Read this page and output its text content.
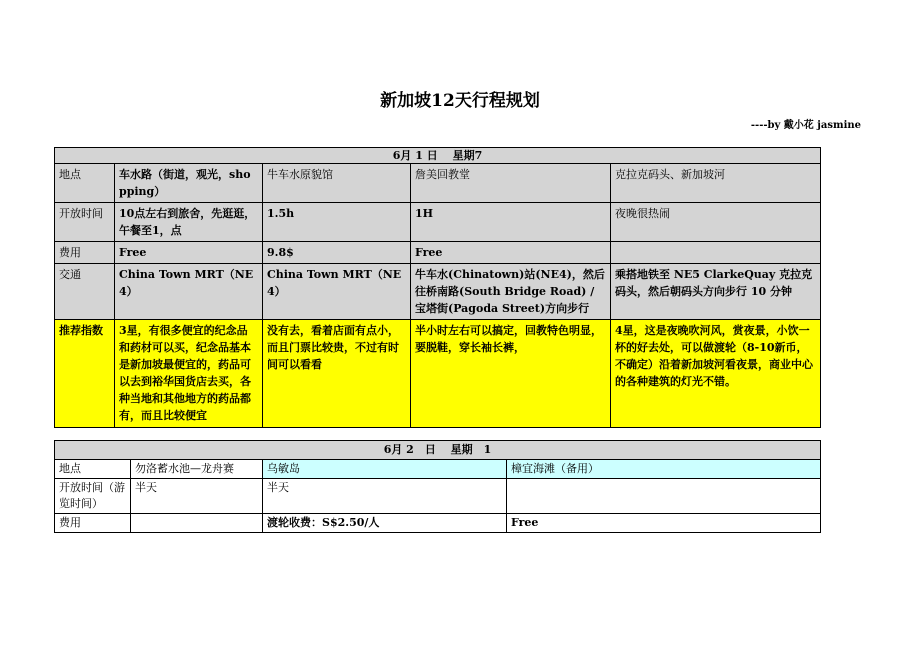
新加坡12天行程规划
----by 戴小花 jasmine
6月 1 日　 星期7				
地点	车水路（街道，观光，shopping）	牛车水原貌馆	詹美回教堂	克拉克码头、新加坡河
开放时间	10点左右到旅舍，先逛逛，午餐至1，点	1.5h	1H	夜晚很热闹
费用	Free	9.8$	Free	
交通	China Town MRT（NE4）	China Town MRT（NE4）	牛车水(Chinatown)站(NE4)，然后往桥南路(South Bridge Road) / 宝塔街(Pagoda Street)方向步行	乘搭地铁至 NE5 ClarkeQuay 克拉克码头，然后朝码头方向步行 10 分钟
推荐指数	3星，有很多便宜的纪念品和药材可以买，纪念品基本是新加坡最便宜的，药品可以去到裕华国货店去买，各种当地和其他地方的药品都有，而且比较便宜	没有去，看着店面有点小，而且门票比较贵，不过有时间可以看看	半小时左右可以搞定，回教特色明显，要脱鞋，穿长袖长裤，	4星，这是夜晚吹河风，赏夜景，小饮一杯的好去处，可以做渡轮（8-10新币，不确定）沿着新加坡河看夜景，商业中心的各种建筑的灯光不错。
6月 2　日　 星期　1			
地点	勿洛蓄水池—龙舟赛	乌敏岛	樟宜海滩（备用）
开放时间（游览时间）	半天	半天	
费用		渡轮收费：S$2.50/人	Free
